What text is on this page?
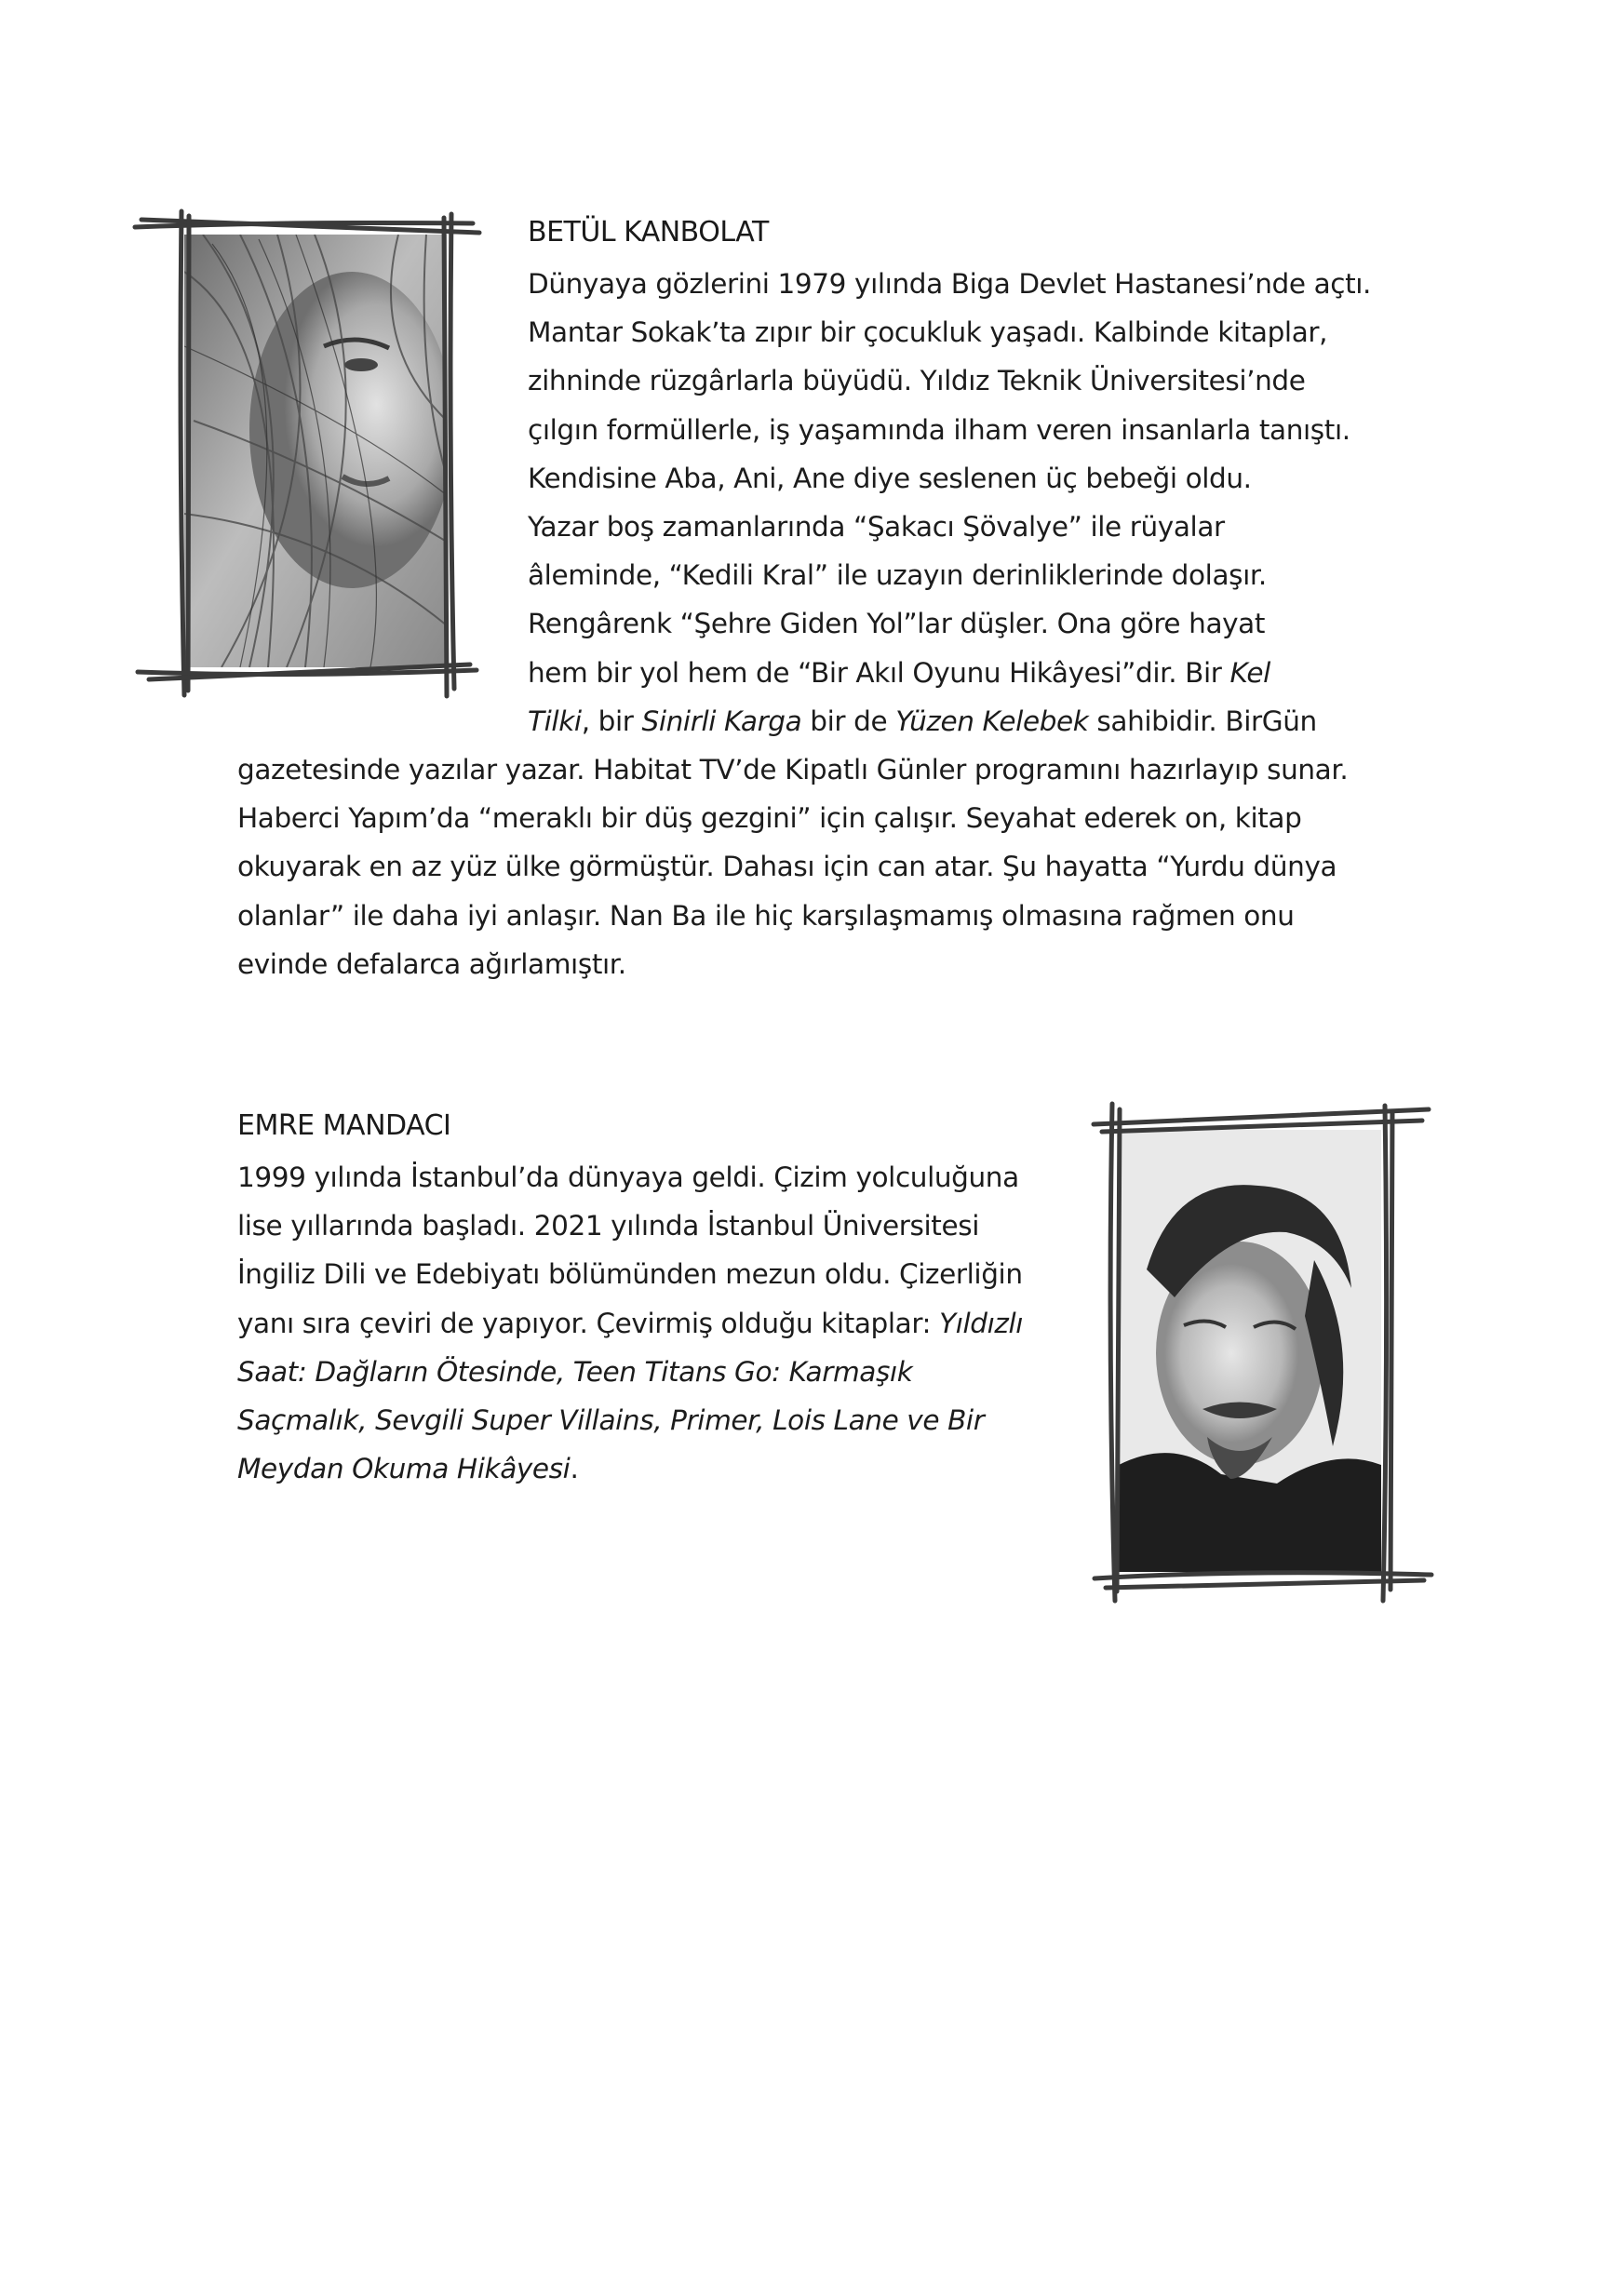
BETÜL KANBOLAT
EMRE MANDACI
Dünyaya gözlerini 1979 yılında Biga Devlet Hastanesi’nde açtı.
Mantar Sokak’ta zıpır bir çocukluk yaşadı. Kalbinde kitaplar,
zihninde rüzgârlarla büyüdü. Yıldız Teknik Üniversitesi’nde
çılgın formüllerle, iş yaşamında ilham veren insanlarla tanıştı.
Kendisine Aba, Ani, Ane diye seslenen üç bebeği oldu.
Yazar boş zamanlarında “Şakacı Şövalye” ile rüyalar
âleminde, “Kedili Kral” ile uzayın derinliklerinde dolaşır.
Rengârenk “Şehre Giden Yol”lar düşler. Ona göre hayat
hem bir yol hem de “Bir Akıl Oyunu Hikâyesi”dir. Bir Kel
Tilki, bir Sinirli Karga bir de Yüzen Kelebek sahibidir. BirGün
gazetesinde yazılar yazar. Habitat TV’de Kipatlı Günler programını hazırlayıp sunar.
Haberci Yapım’da “meraklı bir düş gezgini” için çalışır. Seyahat ederek on, kitap
okuyarak en az yüz ülke görmüştür. Dahası için can atar. Şu hayatta “Yurdu dünya
olanlar” ile daha iyi anlaşır. Nan Ba ile hiç karşılaşmamış olmasına rağmen onu
evinde defalarca ağırlamıştır.
1999 yılında İstanbul’da dünyaya geldi. Çizim yolculuğuna
lise yıllarında başladı. 2021 yılında İstanbul Üniversitesi
İngiliz Dili ve Edebiyatı bölümünden mezun oldu. Çizerliğin
yanı sıra çeviri de yapıyor. Çevirmiş olduğu kitaplar: Yıldızlı
Saat: Dağların Ötesinde, Teen Titans Go: Karmaşık
Saçmalık, Sevgili Super Villains, Primer, Lois Lane ve Bir
Meydan Okuma Hikâyesi.
